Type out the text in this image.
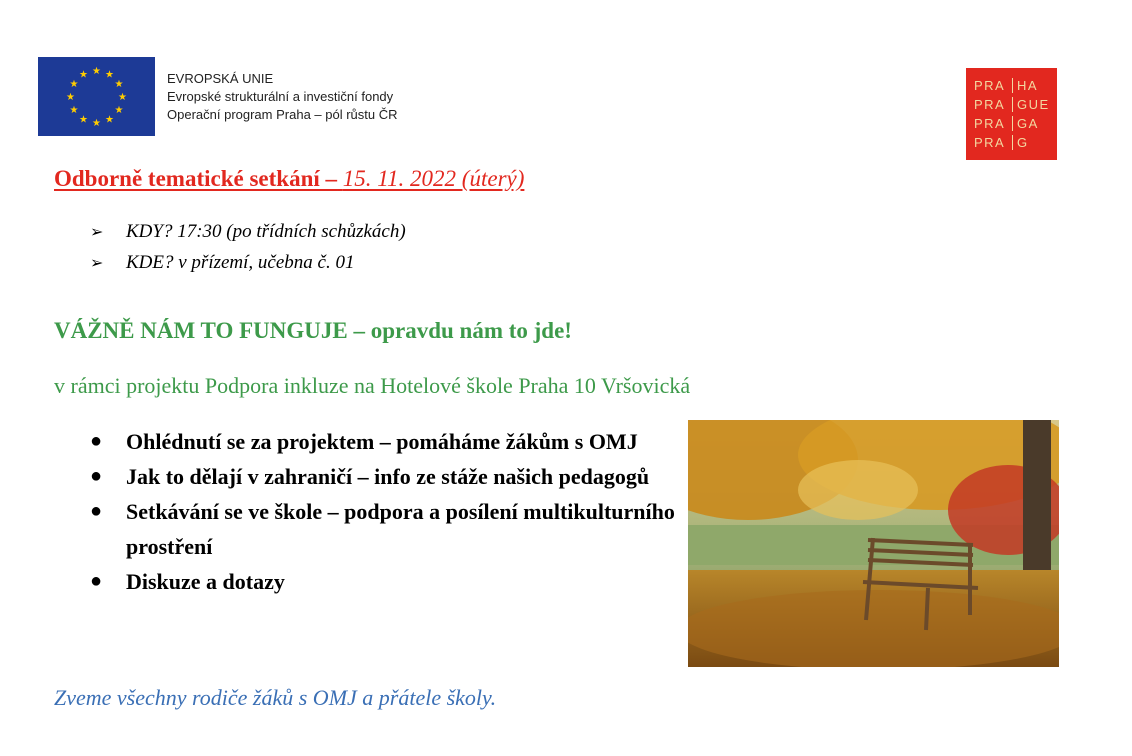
★ ★
★
★
★
★
★
★
★
★
★
★	EVROPSKÁ UNIE
Evropské strukturální a investiční fondy
Operační program Praha – pól růstu ČR
PRA HA
PRA GUE
PRA GA
PRA G
Odborně tematické setkání – 15. 11. 2022 (úterý)
➢	KDY? 17:30 (po třídních schůzkách)
➢	KDE? v přízemí, učebna č. 01
VÁŽNĚ NÁM TO FUNGUJE – opravdu nám to jde!
v rámci projektu Podpora inkluze na Hotelové škole Praha 10 Vršovická
●	Ohlédnutí se za projektem – pomáháme žákům s OMJ
●	Jak to dělají v zahraničí – info ze stáže našich pedagogů
●	Setkávání se ve škole – podpora a posílení multikulturního prostření
●	Diskuze a dotazy
Zveme všechny rodiče žáků s OMJ a přátele školy.
